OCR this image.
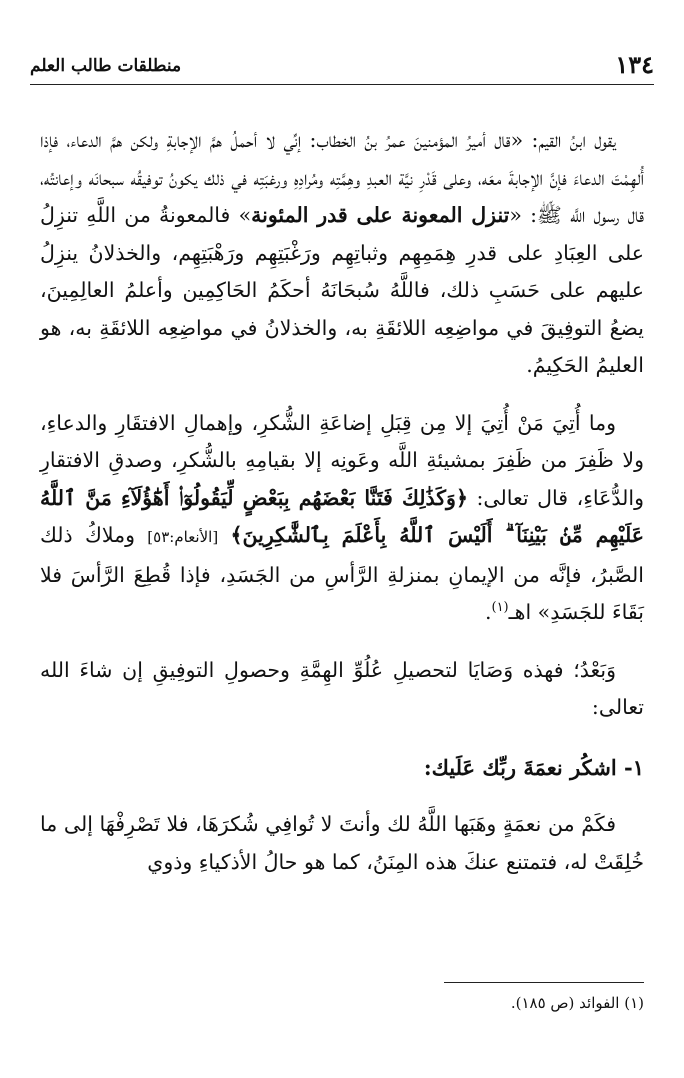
١٣٤
منطلقات طالب العلم

يقول ابنُ القيم: «قال أميرُ المؤمنينَ عمرُ بنُ الخطاب: إنِّي لا أحملُ همَّ الإجابةِ ولكن همَّ الدعاء، فإذا أُلهِمْتَ الدعاءَ فإنَّ الإجابةَ معَه، وعلى قَدْرِ نيَّة العبدِ وهِمَّتِه ومُرادِهِ ورغبَتِه في ذلك يكونُ توفيقُه سبحانَه وإعانتُه، قال رسول اللَّه ﷺ: «تنزل المعونة على قدر المئونة» فالمعونةُ من اللَّهِ تنزِلُ على العِبَادِ على قدرِ هِمَمِهِم وثباتِهِم ورَغْبَتِهِم ورَهْبَتِهِم، والخذلانُ ينزِلُ عليهم على حَسَبِ ذلك، فاللَّهُ سُبحَانَهُ أحكَمُ الحَاكِمِين وأعلمُ العالِمِينَ، يضعُ التوفِيقَ في مواضِعِه اللائقَةِ به، والخذلانُ في مواضِعِه اللائقَةِ به، هو العليمُ الحَكِيمُ.

وما أُتِيَ مَنْ أُتِيَ إلا مِن قِبَلِ إضاعَةِ الشُّكرِ، وإهمالِ الافتقَارِ والدعاءِ، ولا ظَفِرَ من ظَفِرَ بمشيئةِ اللَّه وعَونِه إلا بقيامِهِ بالشُّكرِ، وصدقِ الافتقارِ والدُّعَاءِ، قال تعالى: ﴿وَكَذَٰلِكَ فَتَنَّا بَعْضَهُم بِبَعْضٍ لِّيَقُولُوٓا۟ أَهَٰٓؤُلَآءِ مَنَّ ٱللَّهُ عَلَيْهِم مِّنۢ بَيْنِنَآ ۗ أَلَيْسَ ٱللَّهُ بِأَعْلَمَ بِٱلشَّٰكِرِينَ﴾ [الأنعام:٥٣] وملاكُ ذلك الصَّبرُ، فإنَّه من الإيمانِ بمنزلةِ الرَّأسِ من الجَسَدِ، فإذا قُطِعَ الرَّأسَ فلا بَقَاءَ للجَسَدِ» اهـ$^{(١)}$.

وَبَعْدُ؛ فهذه وَصَايَا لتحصيلِ عُلُوِّ الهِمَّةِ وحصولِ التوفِيقِ إن شاءَ الله تعالى:

١- اشكُر نعمَةَ ربِّك عَلَيك:

فكَمْ من نعمَةٍ وهَبَها اللَّهُ لك وأنتَ لا تُوافِي شُكرَهَا، فلا تَصْرِفْهَا إلى ما خُلِقَتْ له، فتمتنع عنكَ هذه المِنَنُ، كما هو حالُ الأذكياءِ وذوي

(١) الفوائد (ص ١٨٥).
